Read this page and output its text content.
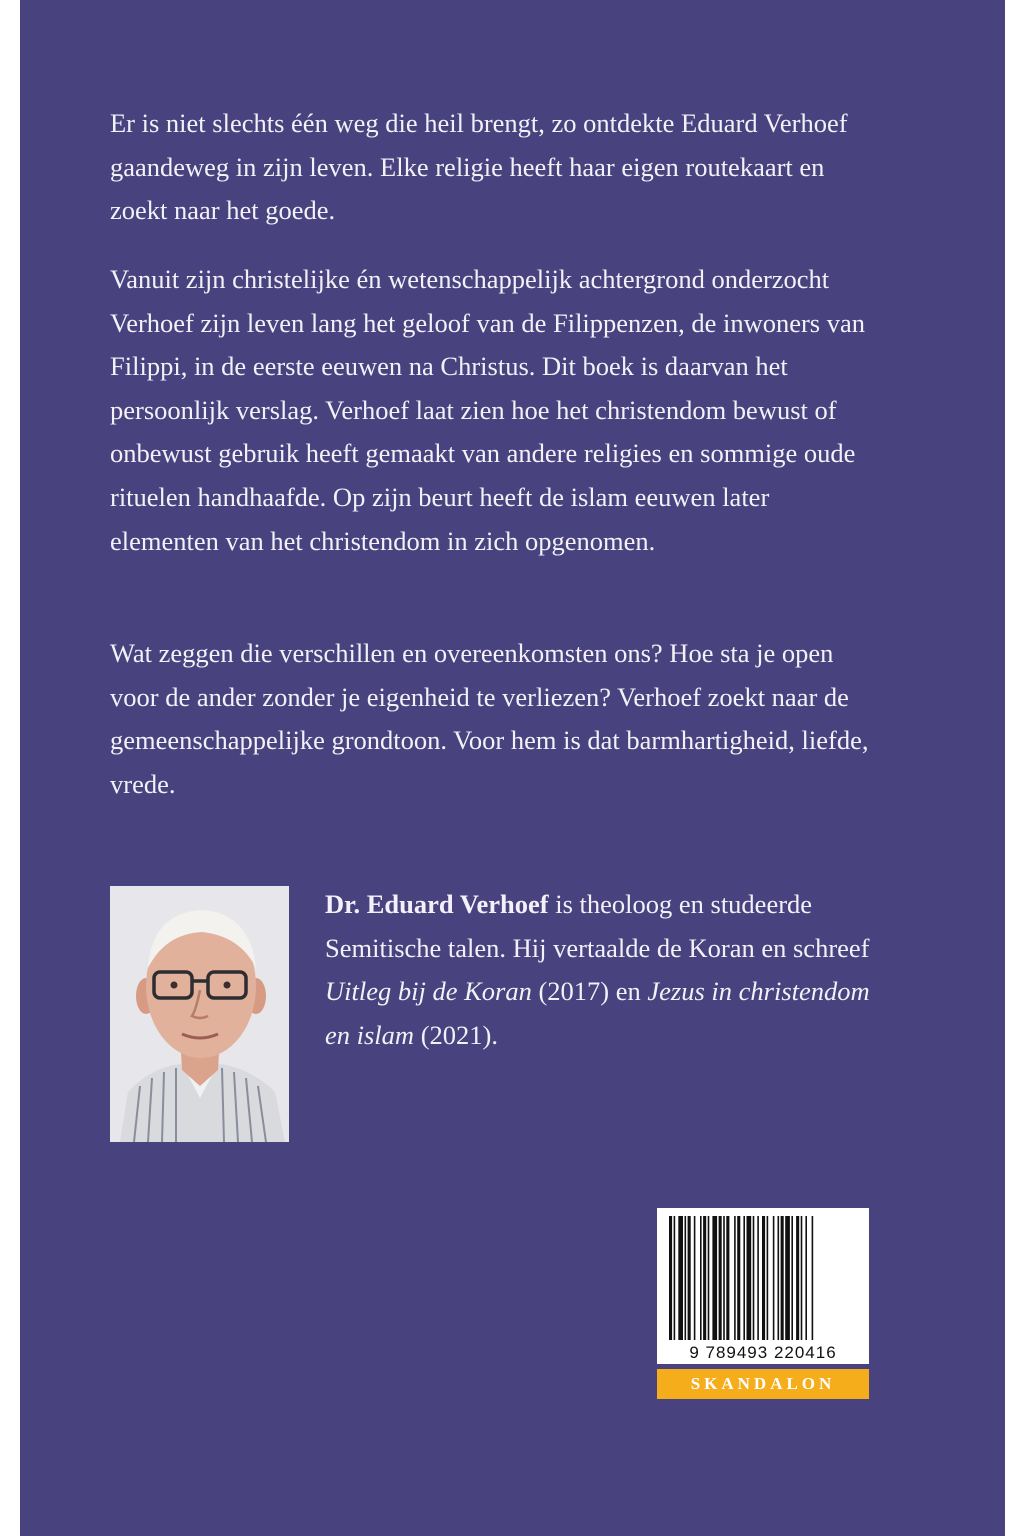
Er is niet slechts één weg die heil brengt, zo ontdekte Eduard Verhoef gaandeweg in zijn leven. Elke religie heeft haar eigen routekaart en zoekt naar het goede.

Vanuit zijn christelijke én wetenschappelijk achtergrond onderzocht Verhoef zijn leven lang het geloof van de Filippenzen, de inwoners van Filippi, in de eerste eeuwen na Christus. Dit boek is daarvan het persoonlijk verslag. Verhoef laat zien hoe het christendom bewust of onbewust gebruik heeft gemaakt van andere religies en sommige oude rituelen handhaafde. Op zijn beurt heeft de islam eeuwen later elementen van het christendom in zich opgenomen.

Wat zeggen die verschillen en overeenkomsten ons? Hoe sta je open voor de ander zonder je eigenheid te verliezen? Verhoef zoekt naar de gemeenschappelijke grondtoon. Voor hem is dat barmhartigheid, liefde, vrede.

Dr. Eduard Verhoef is theoloog en studeerde Semitische talen. Hij vertaalde de Koran en schreef Uitleg bij de Koran (2017) en Jezus in christendom en islam (2021).

9 789493 220416
SKANDALON
